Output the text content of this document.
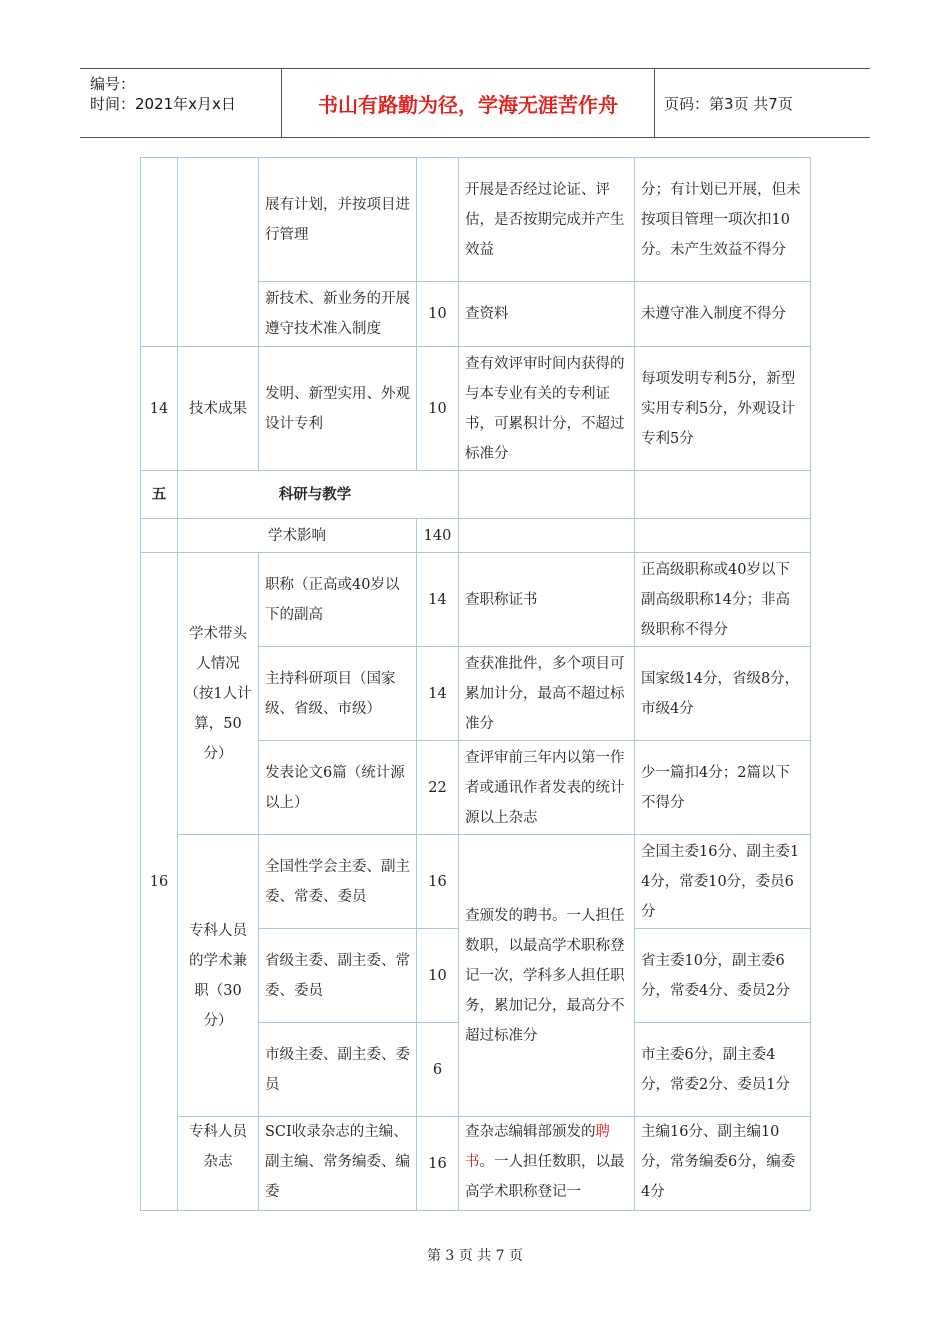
编号：
时间：2021年x月x日	书山有路勤为径，学海无涯苦作舟	页码：第3页 共7页
		展有计划，并按项目进行管理		开展是否经过论证、评估，是否按期完成并产生效益	分；有计划已开展，但未按项目管理一项次扣10分。未产生效益不得分
		新技术、新业务的开展遵守技术准入制度	10	查资料	未遵守准入制度不得分
14	技术成果	发明、新型实用、外观设计专利	10	查有效评审时间内获得的与本专业有关的专利证书，可累积计分，不超过标准分	每项发明专利5分，新型实用专利5分，外观设计专利5分
五	科研与教学				

	学术影响		140		
16	学术带头人情况（按1人计算，50分）	职称（正高或40岁以下的副高	14	查职称证书	正高级职称或40岁以下副高级职称14分；非高级职称不得分
		主持科研项目（国家级、省级、市级）	14	查获准批件，多个项目可累加计分，最高不超过标准分	国家级14分，省级8分，市级4分
		发表论文6篇（统计源以上）	22	查评审前三年内以第一作者或通讯作者发表的统计源以上杂志	少一篇扣4分；2篇以下不得分
	专科人员的学术兼职（30分）	全国性学会主委、副主委、常委、委员	16	查颁发的聘书。一人担任数职，以最高学术职称登记一次，学科多人担任职务，累加记分，最高分不超过标准分	全国主委16分、副主委14分，常委10分，委员6分
		省级主委、副主委、常委、委员	10		省主委10分，副主委6分，常委4分、委员2分
		市级主委、副主委、委员	6		市主委6分，副主委4分，常委2分、委员1分
	专科人员杂志	SCI收录杂志的主编、副主编、常务编委、编委	16	查杂志编辑部颁发的聘书。一人担任数职，以最高学术职称登记一	主编16分、副主编10分，常务编委6分，编委4分
第 3 页 共 7 页
